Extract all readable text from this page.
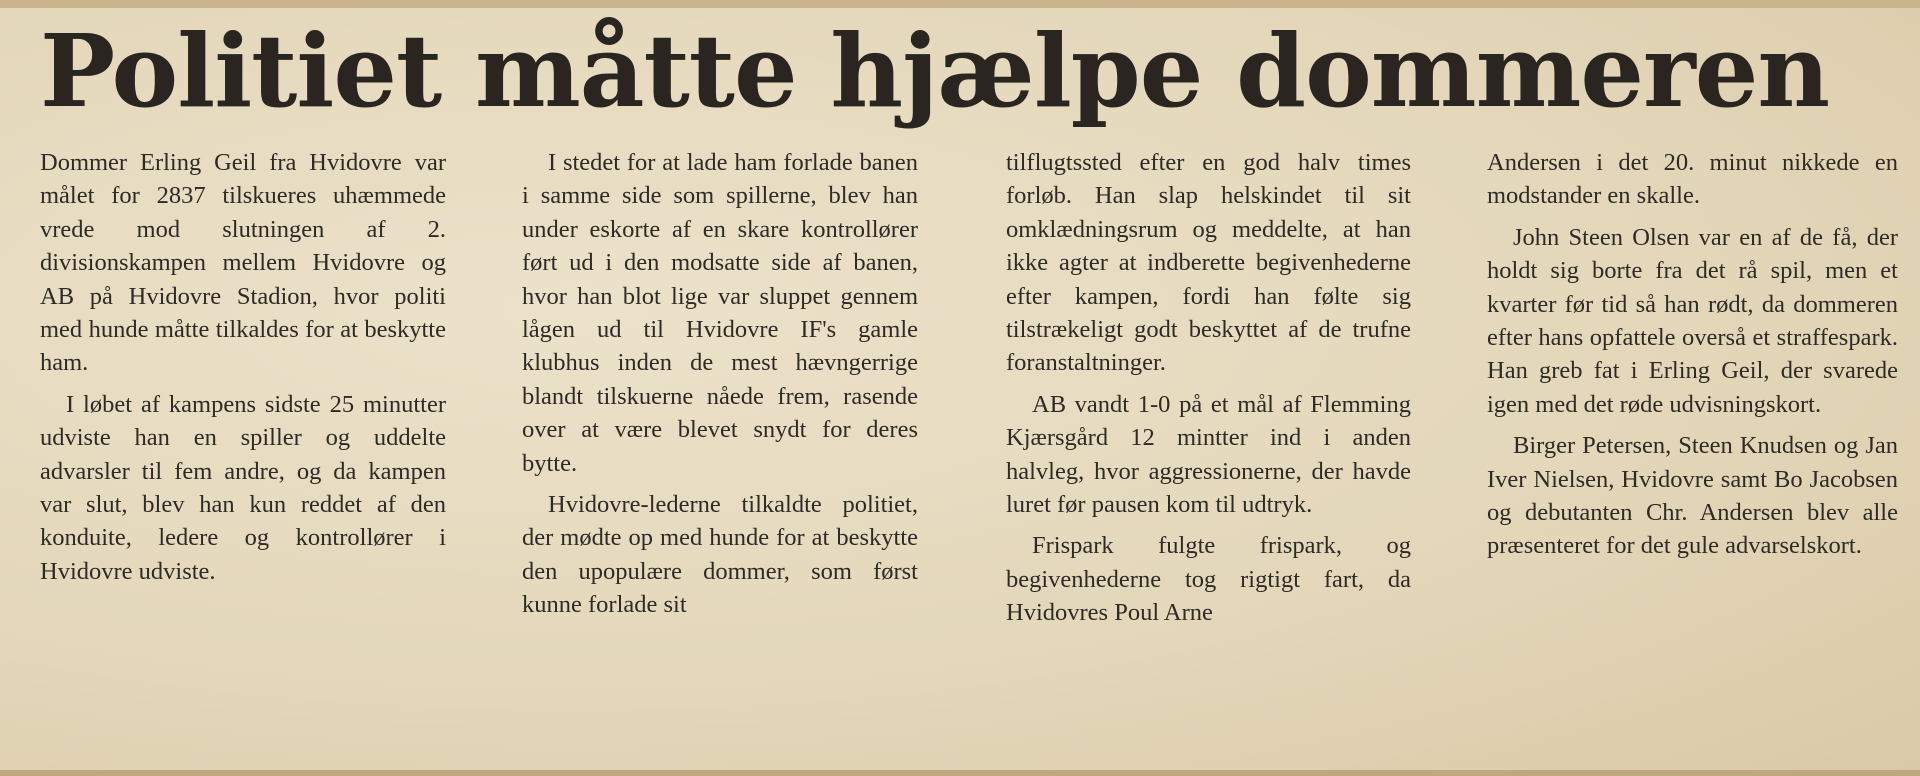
Politiet måtte hjælpe dommeren

Dommer Erling Geil fra Hvidovre var målet for 2837 tilskueres uhæmmede vrede mod slutningen af 2. divisionskampen mellem Hvidovre og AB på Hvidovre Stadion, hvor politi med hunde måtte tilkaldes for at beskytte ham.

I løbet af kampens sidste 25 minutter udviste han en spiller og uddelte advarsler til fem andre, og da kampen var slut, blev han kun reddet af den konduite, ledere og kontrollører i Hvidovre udviste.

I stedet for at lade ham forlade banen i samme side som spillerne, blev han under eskorte af en skare kontrollører ført ud i den modsatte side af banen, hvor han blot lige var sluppet gennem lågen ud til Hvidovre IF's gamle klubhus inden de mest hævngerrige blandt tilskuerne nåede frem, rasende over at være blevet snydt for deres bytte.

Hvidovre-lederne tilkaldte politiet, der mødte op med hunde for at beskytte den upopulære dommer, som først kunne forlade sit

tilflugtssted efter en god halv times forløb. Han slap helskindet til sit omklædningsrum og meddelte, at han ikke agter at indberette begivenhederne efter kampen, fordi han følte sig tilstrækeligt godt beskyttet af de trufne foranstaltninger.

AB vandt 1-0 på et mål af Flemming Kjærsgård 12 mintter ind i anden halvleg, hvor aggressionerne, der havde luret før pausen kom til udtryk.

Frispark fulgte frispark, og begivenhederne tog rigtigt fart, da Hvidovres Poul Arne

Andersen i det 20. minut nikkede en modstander en skalle.

John Steen Olsen var en af de få, der holdt sig borte fra det rå spil, men et kvarter før tid så han rødt, da dommeren efter hans opfattele overså et straffespark. Han greb fat i Erling Geil, der svarede igen med det røde udvisningskort.

Birger Petersen, Steen Knudsen og Jan Iver Nielsen, Hvidovre samt Bo Jacobsen og debutanten Chr. Andersen blev alle præsenteret for det gule advarselskort.
